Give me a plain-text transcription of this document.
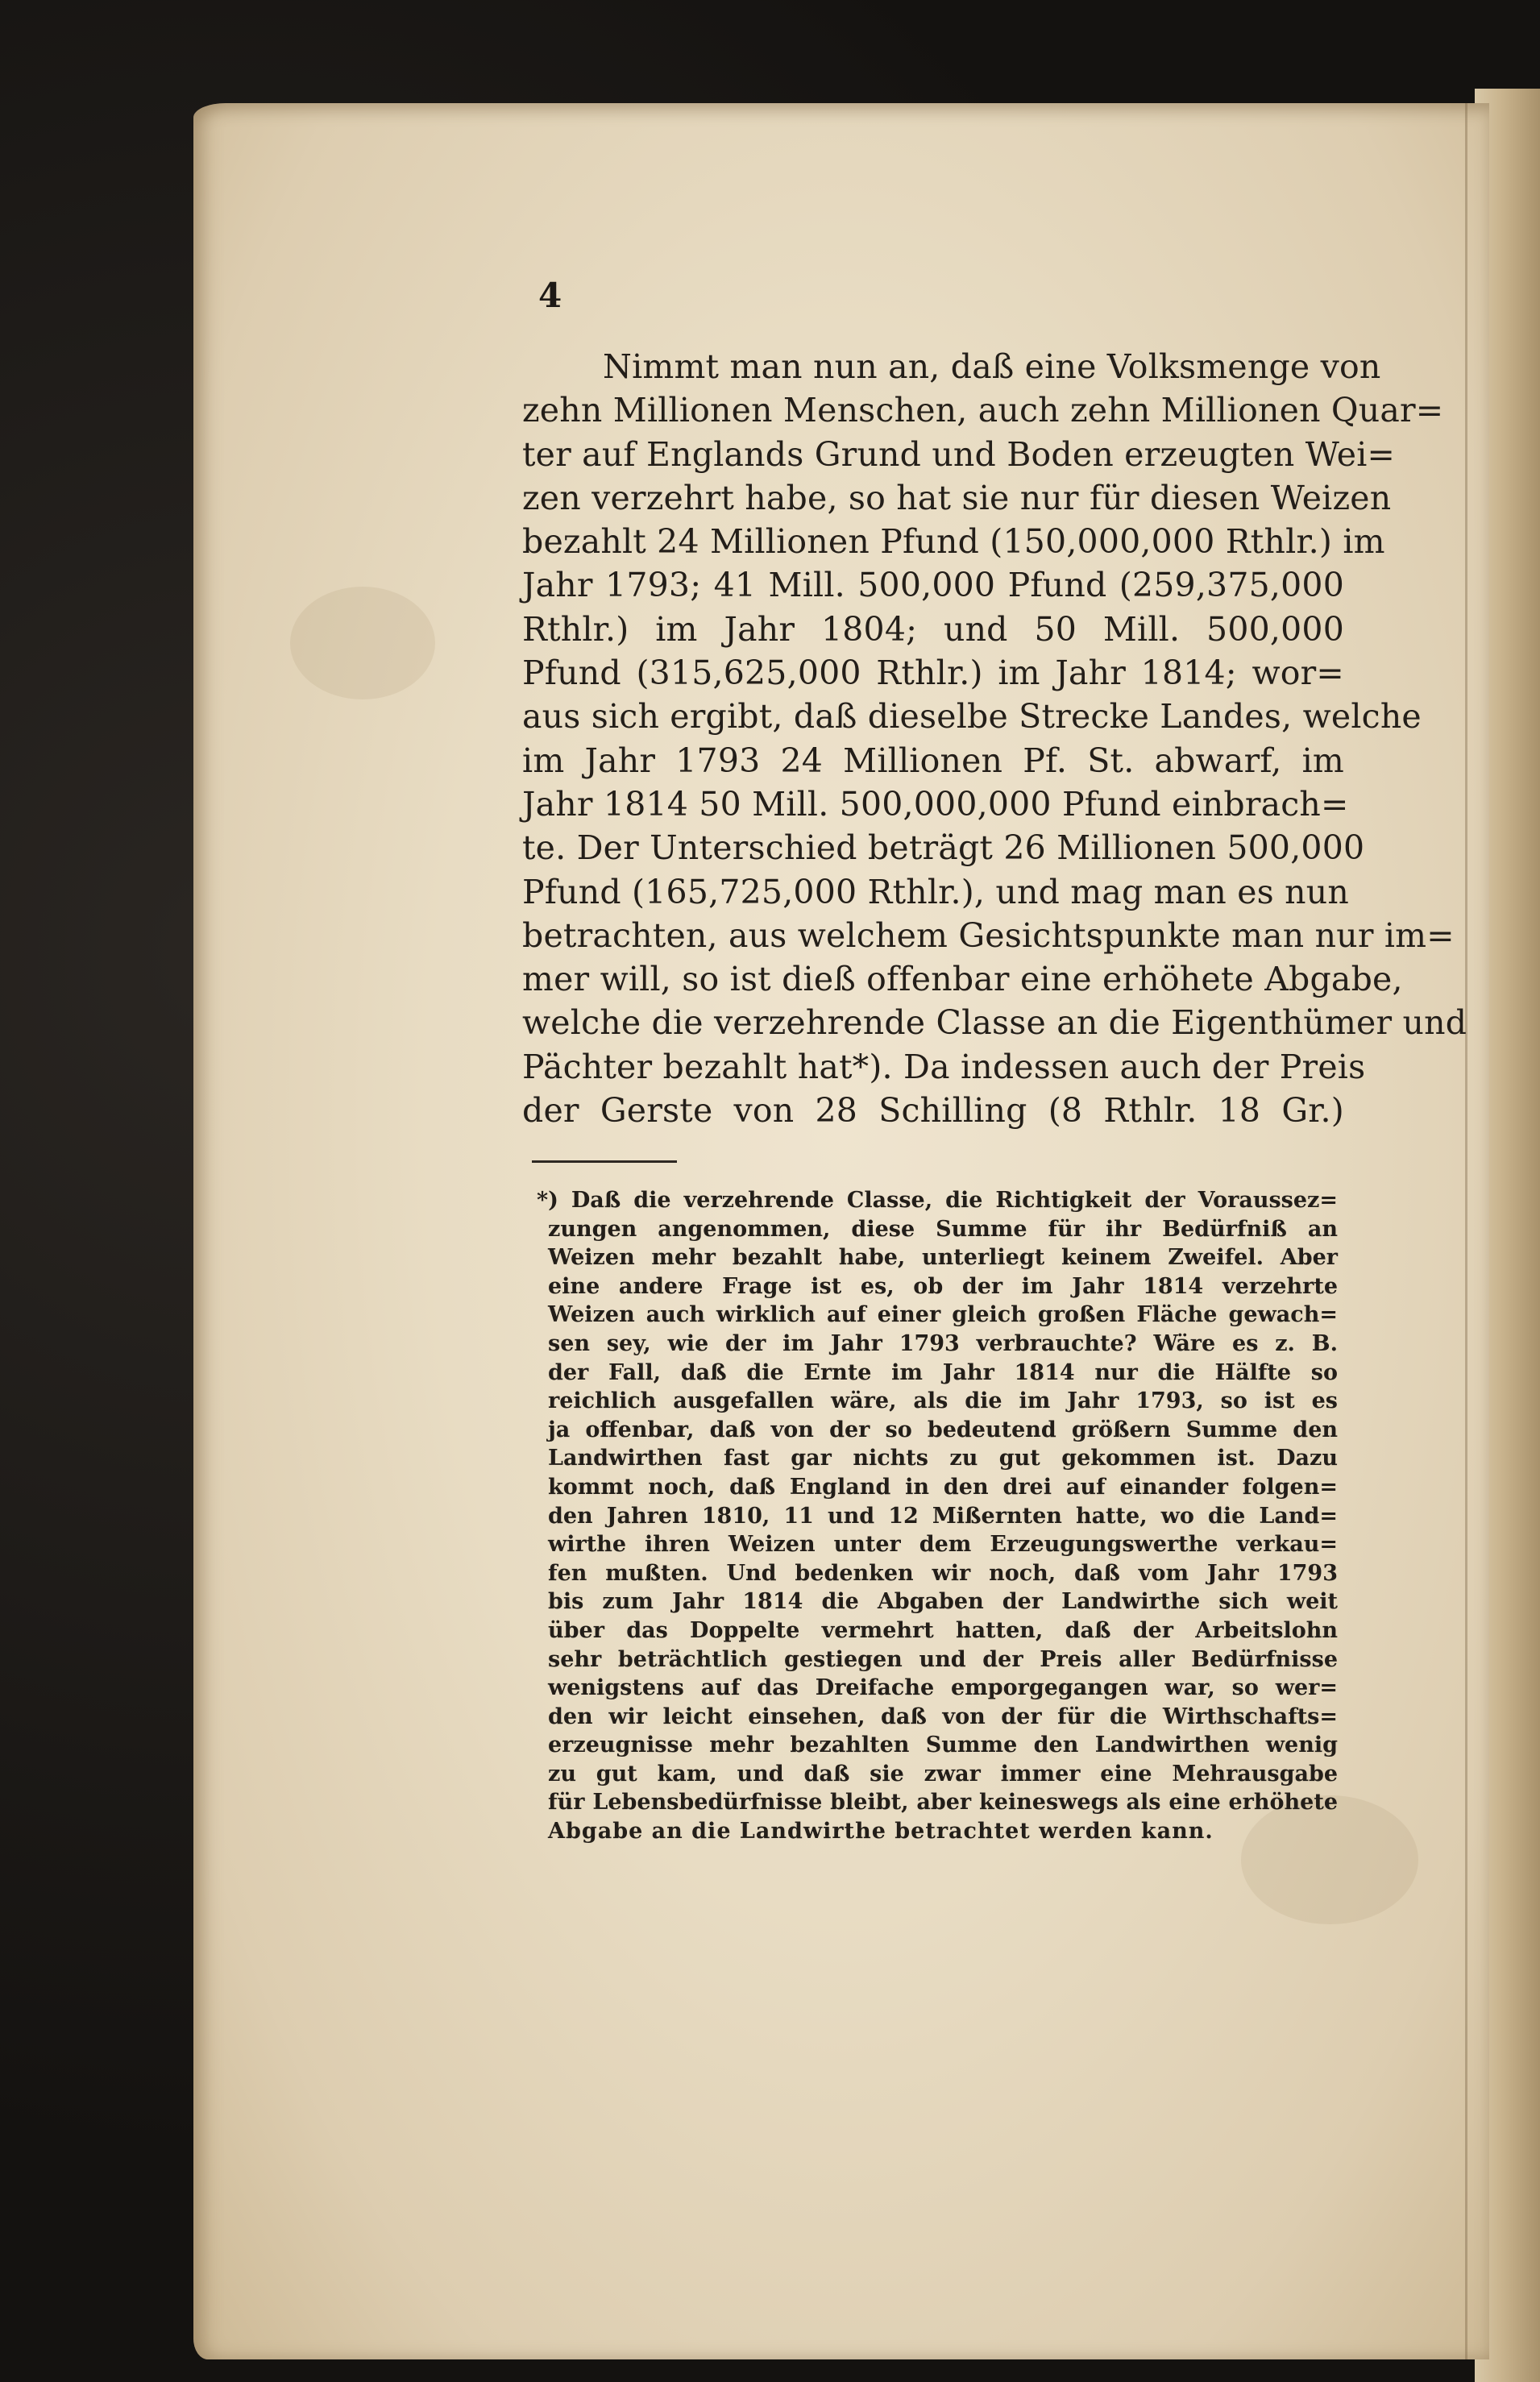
4
Nimmt man nun an, daß eine Volksmenge von
zehn Millionen Menschen, auch zehn Millionen Quar=
ter auf Englands Grund und Boden erzeugten Wei=
zen verzehrt habe, so hat sie nur für diesen Weizen
bezahlt 24 Millionen Pfund (150,000,000 Rthlr.) im
Jahr 1793; 41 Mill. 500,000 Pfund (259,375,000
Rthlr.) im Jahr 1804; und 50 Mill. 500,000
Pfund (315,625,000 Rthlr.) im Jahr 1814; wor=
aus sich ergibt, daß dieselbe Strecke Landes, welche
im Jahr 1793 24 Millionen Pf. St. abwarf, im
Jahr 1814 50 Mill. 500,000,000 Pfund einbrach=
te. Der Unterschied beträgt 26 Millionen 500,000
Pfund (165,725,000 Rthlr.), und mag man es nun
betrachten, aus welchem Gesichtspunkte man nur im=
mer will, so ist dieß offenbar eine erhöhete Abgabe,
welche die verzehrende Classe an die Eigenthümer und
Pächter bezahlt hat*). Da indessen auch der Preis
der Gerste von 28 Schilling (8 Rthlr. 18 Gr.)
*) Daß die verzehrende Classe, die Richtigkeit der Voraussez=
zungen angenommen, diese Summe für ihr Bedürfniß an
Weizen mehr bezahlt habe, unterliegt keinem Zweifel. Aber
eine andere Frage ist es, ob der im Jahr 1814 verzehrte
Weizen auch wirklich auf einer gleich großen Fläche gewach=
sen sey, wie der im Jahr 1793 verbrauchte? Wäre es z. B.
der Fall, daß die Ernte im Jahr 1814 nur die Hälfte so
reichlich ausgefallen wäre, als die im Jahr 1793, so ist es
ja offenbar, daß von der so bedeutend größern Summe den
Landwirthen fast gar nichts zu gut gekommen ist. Dazu
kommt noch, daß England in den drei auf einander folgen=
den Jahren 1810, 11 und 12 Mißernten hatte, wo die Land=
wirthe ihren Weizen unter dem Erzeugungswerthe verkau=
fen mußten. Und bedenken wir noch, daß vom Jahr 1793
bis zum Jahr 1814 die Abgaben der Landwirthe sich weit
über das Doppelte vermehrt hatten, daß der Arbeitslohn
sehr beträchtlich gestiegen und der Preis aller Bedürfnisse
wenigstens auf das Dreifache emporgegangen war, so wer=
den wir leicht einsehen, daß von der für die Wirthschafts=
erzeugnisse mehr bezahlten Summe den Landwirthen wenig
zu gut kam, und daß sie zwar immer eine Mehrausgabe
für Lebensbedürfnisse bleibt, aber keineswegs als eine erhöhete
Abgabe an die Landwirthe betrachtet werden kann.
